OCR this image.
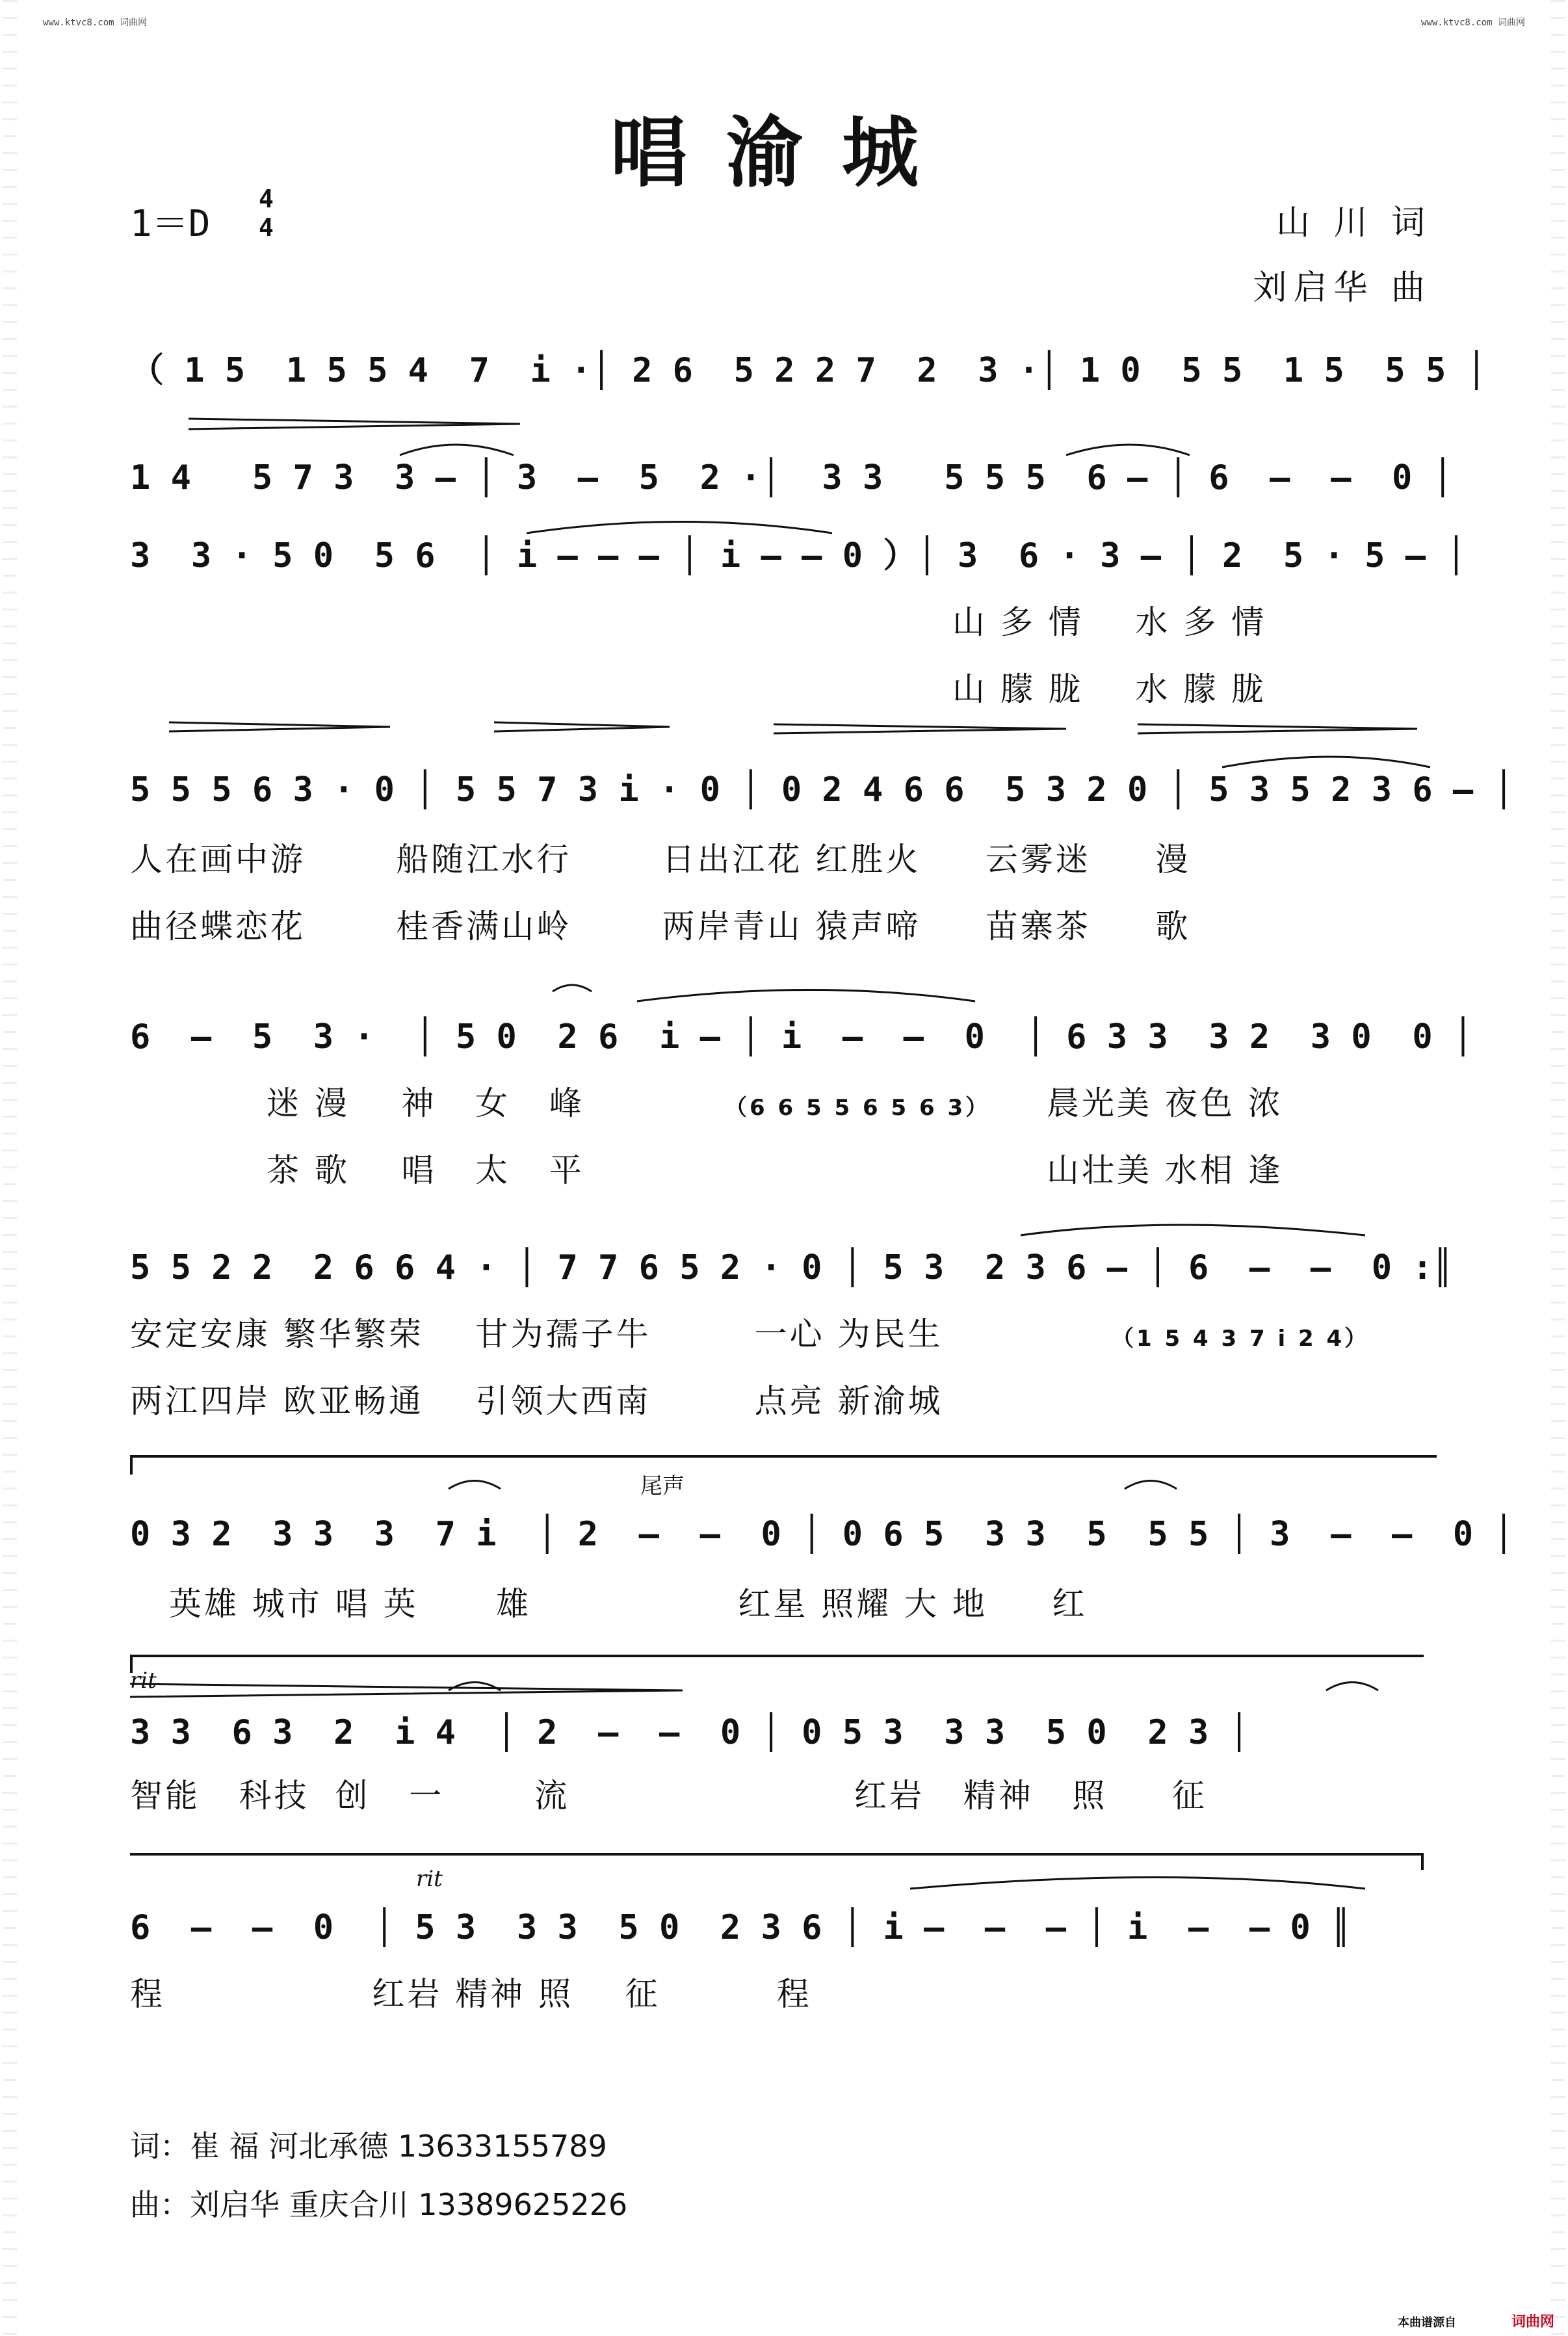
www.ktvc8.com 词曲网	www.ktvc8.com 词曲网
唱渝城
1＝D
4
4	山 川 词
刘启华 曲
（ 1 5  1 5 5 4  7  i · │ 2 6  5 2 2 7  2  3 · │ 1 0  5 5  1 5  5 5 │
1 4   5 7 3  3 – │ 3  –  5  2 · │  3 3   5 5 5  6 – │ 6  –  –  0 │
3  3 · 5 0  5 6  │ i – – – │ i – – 0 ） │ 3  6 · 3 – │ 2  5 · 5 – │
山 多 情    水 多 情
山 朦 胧    水 朦 胧
5 5 5 6 3 · 0 │ 5 5 7 3 i · 0 │ 0 2 4 6 6  5 3 2 0 │ 5 3 5 2 3 6 – │
人在画中游       船随江水行       日出江花 红胜火     云雾迷     漫
曲径蝶恋花       桂香满山岭       两岸青山 猿声啼     苗寨茶     歌
6  –  5  3 ·  │ 5 0  2 6  i – │ i  –  –  0  │ 6 3 3  3 2  3 0  0 │
迷 漫    神   女   峰
茶 歌    唱   太   平
（6 6 5 5 6 5 6 3） 晨光美 夜色 浓
山壮美 水相 逢
5 5 2 2  2 6 6 4 · │ 7 7 6 5 2 · 0 │ 5 3  2 3 6 – │ 6  –  –  0 :║
安定安康 繁华繁荣    甘为孺子牛        一心 为民生	（1 5 4 3 7 i 2 4）
两江四岸 欧亚畅通    引领大西南        点亮 新渝城
尾声
0 3 2  3 3  3  7 i  │ 2  –  –  0 │ 0 6 5  3 3  5  5 5 │ 3  –  –  0 │
英雄 城市 唱 英      雄                红星 照耀 大 地     红
rit
3 3  6 3  2  i 4  │ 2  –  –  0 │ 0 5 3  3 3  5 0  2 3 │
智能   科技  创   一       流                      红岩   精神   照     征
rit
6  –  –  0  │ 5 3  3 3  5 0  2 3 6 │ i –  –  – │ i  –  – 0 ║
程                红岩 精神 照    征         程
词：崔 福 河北承德 13633155789
曲：刘启华 重庆合川 13389625226
本曲谱源自	词曲网
